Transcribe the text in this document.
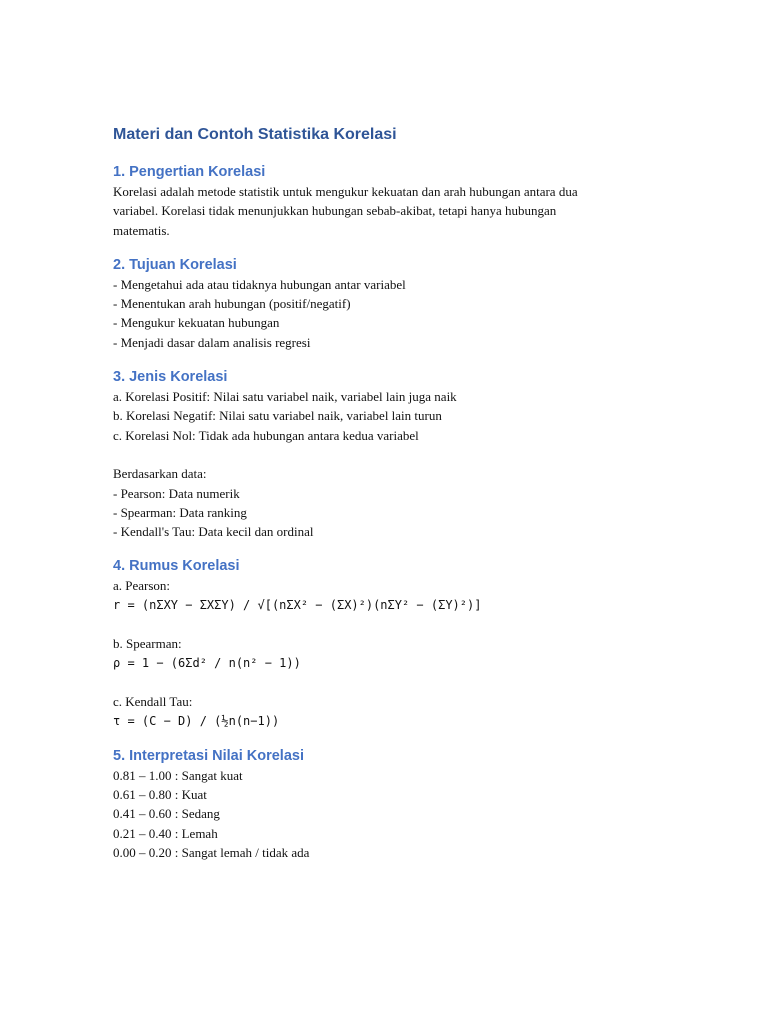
Materi dan Contoh Statistika Korelasi
1. Pengertian Korelasi

Korelasi adalah metode statistik untuk mengukur kekuatan dan arah hubungan antara dua

variabel. Korelasi tidak menunjukkan hubungan sebab-akibat, tetapi hanya hubungan

matematis.

2. Tujuan Korelasi

- Mengetahui ada atau tidaknya hubungan antar variabel

- Menentukan arah hubungan (positif/negatif)

- Mengukur kekuatan hubungan

- Menjadi dasar dalam analisis regresi

3. Jenis Korelasi

a. Korelasi Positif: Nilai satu variabel naik, variabel lain juga naik

b. Korelasi Negatif: Nilai satu variabel naik, variabel lain turun

c. Korelasi Nol: Tidak ada hubungan antara kedua variabel

Berdasarkan data:

- Pearson: Data numerik

- Spearman: Data ranking

- Kendall's Tau: Data kecil dan ordinal

4. Rumus Korelasi

a. Pearson:

r = (nΣXY − ΣXΣY) / √[(nΣX² − (ΣX)²)(nΣY² − (ΣY)²)]

b. Spearman:

ρ = 1 − (6Σd² / n(n² − 1))

c. Kendall Tau:

τ = (C − D) / (½n(n−1))

5. Interpretasi Nilai Korelasi

0.81 – 1.00 : Sangat kuat

0.61 – 0.80 : Kuat

0.41 – 0.60 : Sedang

0.21 – 0.40 : Lemah

0.00 – 0.20 : Sangat lemah / tidak ada
